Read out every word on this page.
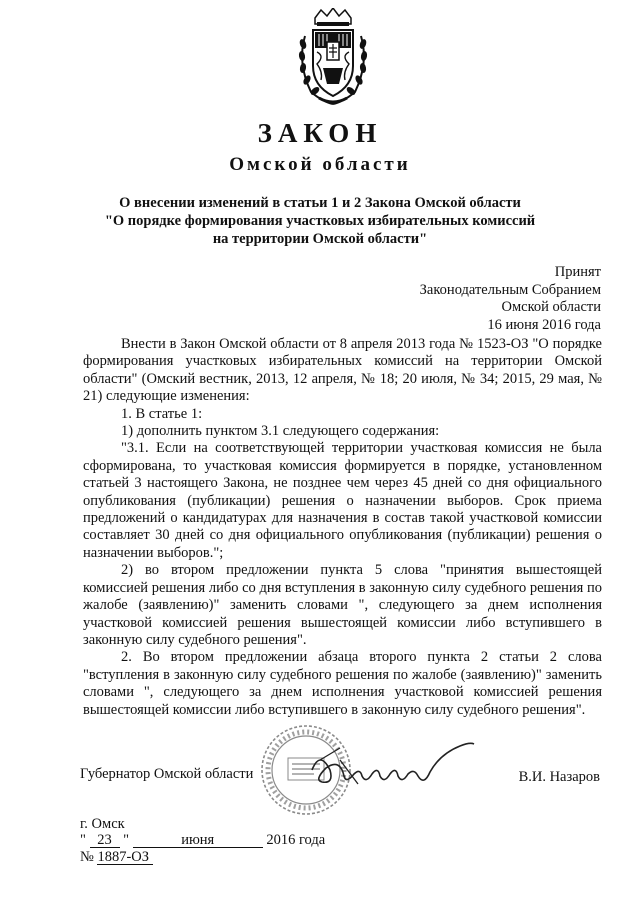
ЗАКОН
Омской области
О внесении изменений в статьи 1 и 2 Закона Омской области
"О порядке формирования участковых избирательных комиссий
на территории Омской области"
Принят
Законодательным Собранием
Омской области
16 июня 2016 года

Внести в Закон Омской области от 8 апреля 2013 года № 1523-ОЗ "О порядке формирования участковых избирательных комиссий на территории Омской области" (Омский вестник, 2013, 12 апреля, № 18; 20 июля, № 34; 2015, 29 мая, № 21) следующие изменения:

1. В статье 1:

1) дополнить пунктом 3.1 следующего содержания:

"3.1. Если на соответствующей территории участковая комиссия не была сформирована, то участковая комиссия формируется в порядке, установленном статьей 3 настоящего Закона, не позднее чем через 45 дней со дня официального опубликования (публикации) решения о назначении выборов. Срок приема предложений о кандидатурах для назначения в состав такой участковой комиссии составляет 30 дней со дня официального опубликования (публикации) решения о назначении выборов.";

2) во втором предложении пункта 5 слова "принятия вышестоящей комиссией решения либо со дня вступления в законную силу судебного решения по жалобе (заявлению)" заменить словами ", следующего за днем исполнения участковой комиссией решения вышестоящей комиссии либо вступившего в законную силу судебного решения".

2. Во втором предложении абзаца второго пункта 2 статьи 2 слова "вступления в законную силу судебного решения по жалобе (заявлению)" заменить словами ", следующего за днем исполнения участковой комиссией решения вышестоящей комиссии либо вступившего в законную силу судебного решения".

Губернатор Омской области	В.И. Назаров
г. Омск
" 23 "	июня	2016 года
№ 1887-ОЗ
